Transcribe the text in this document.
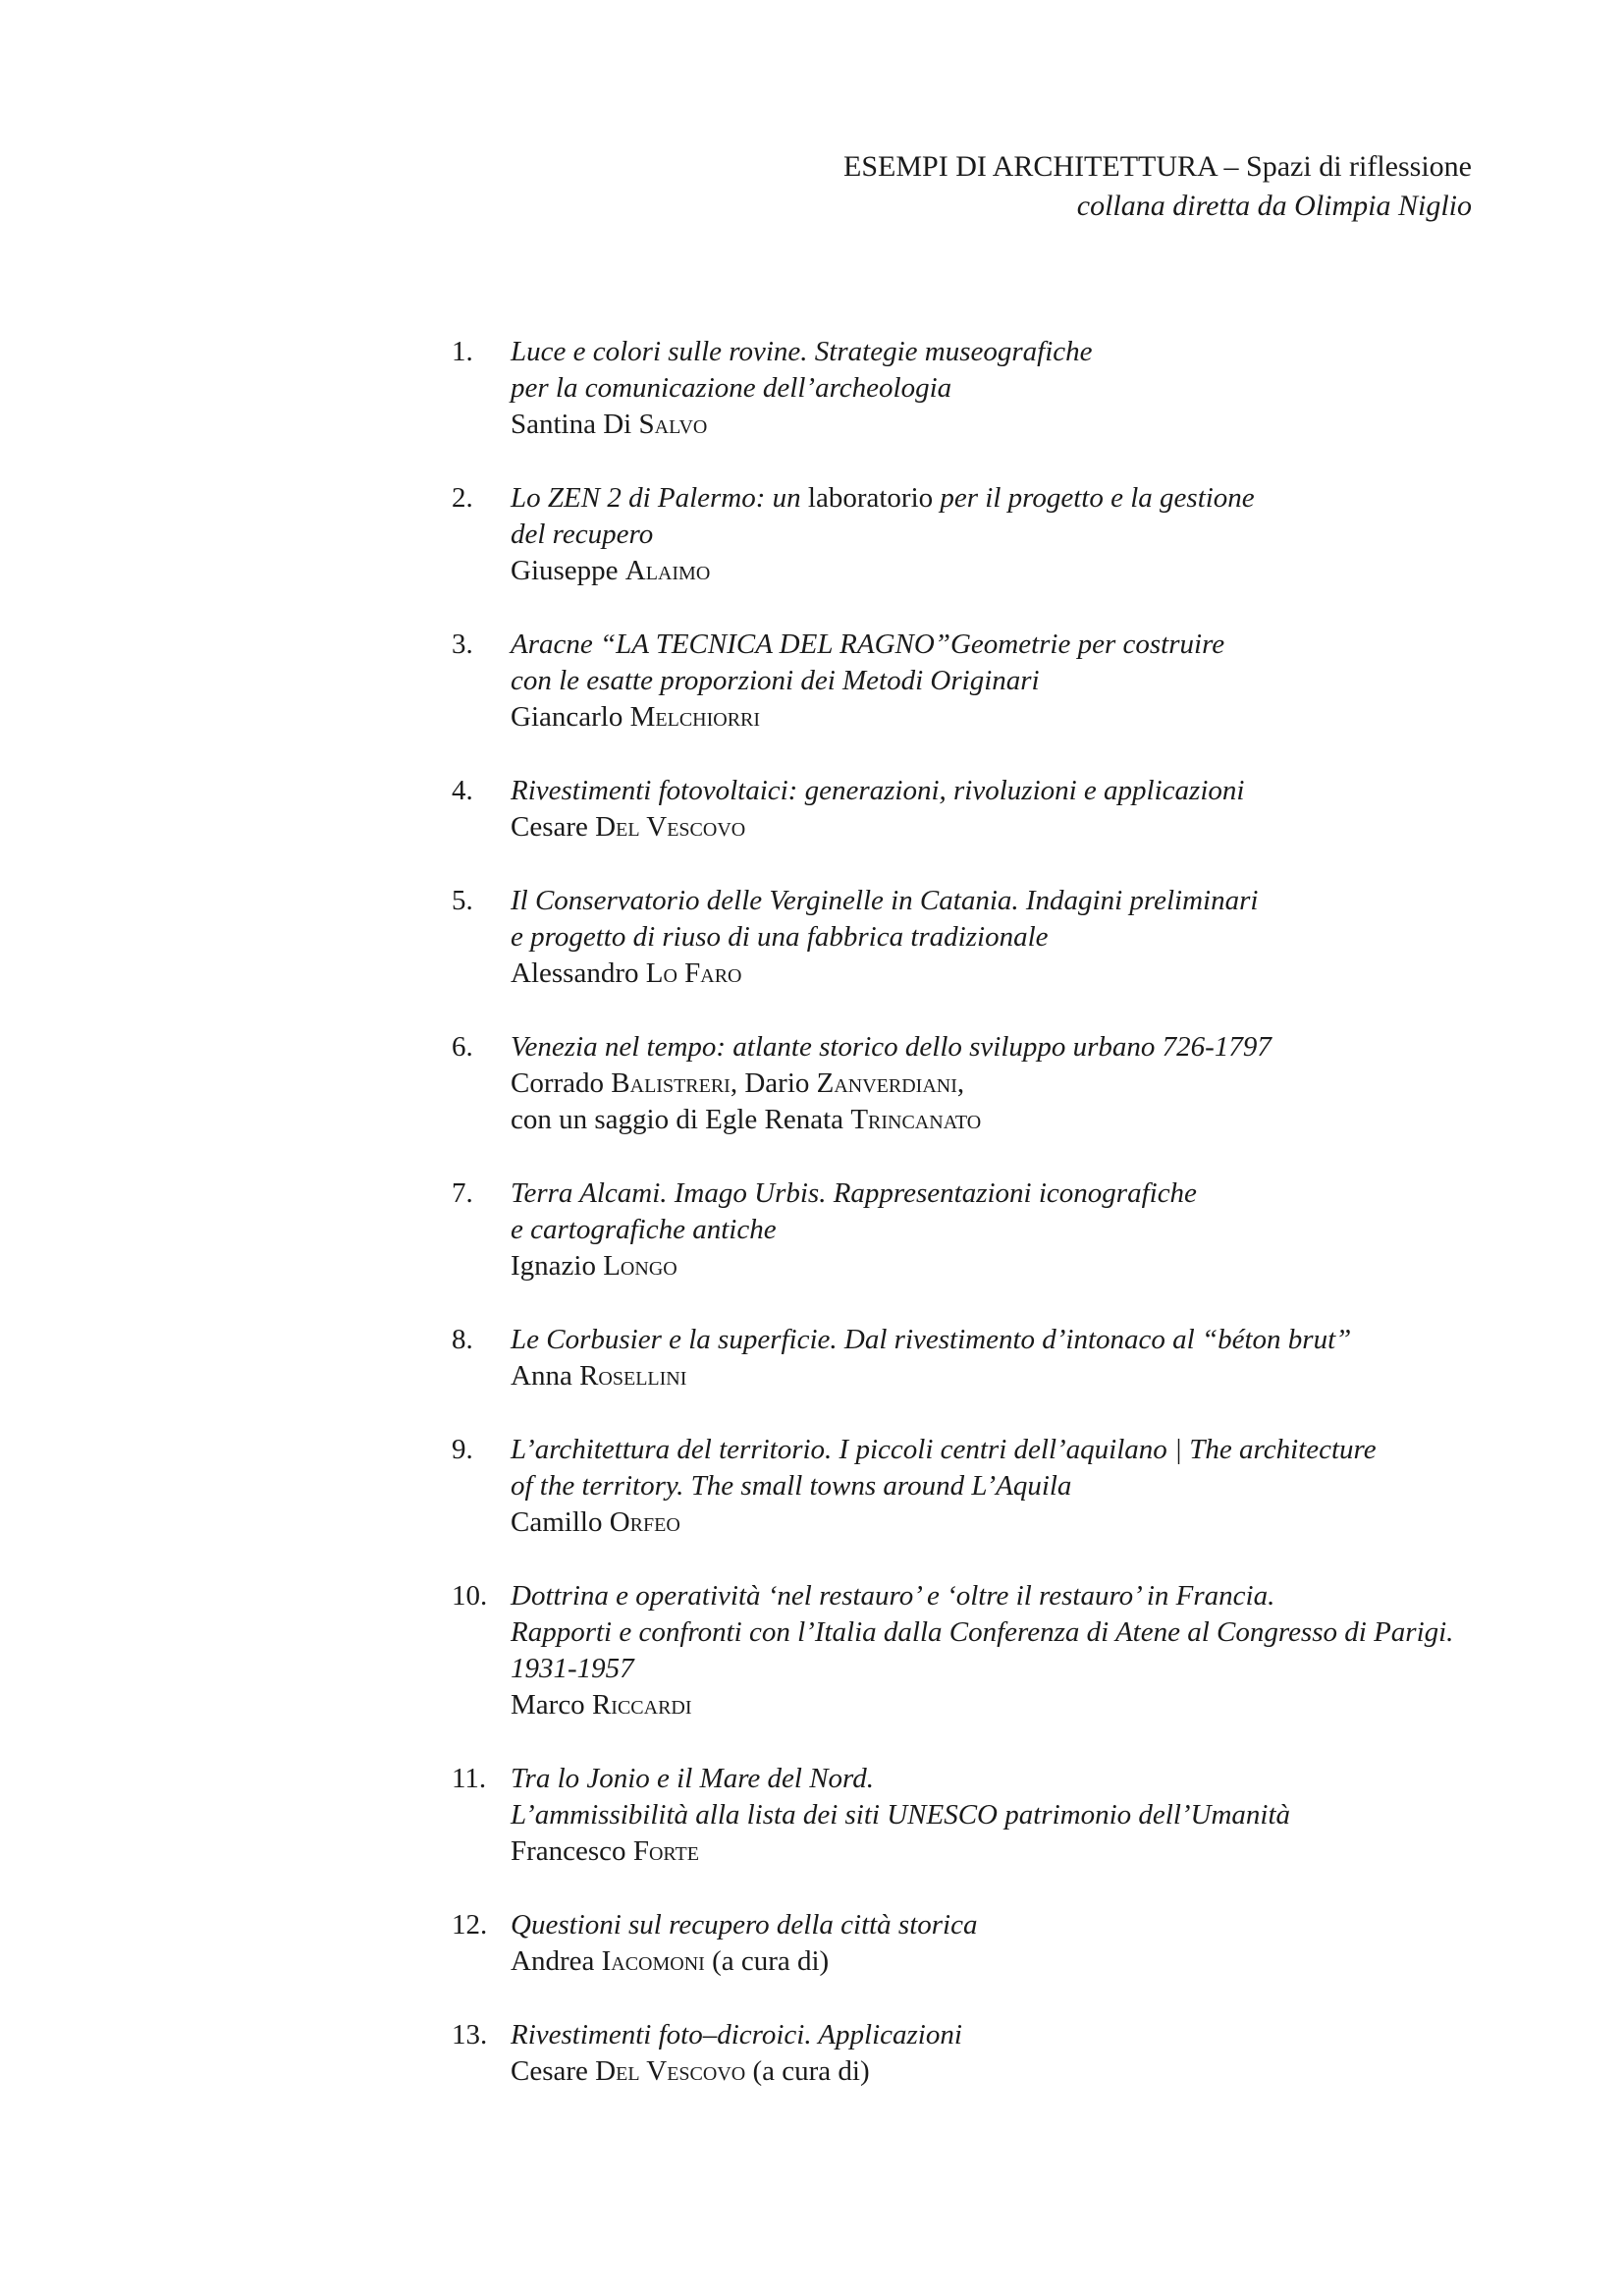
ESEMPI DI ARCHITETTURA – Spazi di riflessione
collana diretta da Olimpia Niglio
1.	Luce e colori sulle rovine. Strategie museografiche
per la comunicazione dell’archeologia
Santina Di Salvo
2.	Lo ZEN 2 di Palermo: un laboratorio per il progetto e la gestione
del recupero
Giuseppe Alaimo
3.	Aracne “LA TECNICA DEL RAGNO”Geometrie per costruire
con le esatte proporzioni dei Metodi Originari
Giancarlo Melchiorri
4.	Rivestimenti fotovoltaici: generazioni, rivoluzioni e applicazioni
Cesare Del Vescovo
5.	Il Conservatorio delle Verginelle in Catania. Indagini preliminari
e progetto di riuso di una fabbrica tradizionale
Alessandro Lo Faro
6.	Venezia nel tempo: atlante storico dello sviluppo urbano 726-1797
Corrado Balistreri, Dario Zanverdiani,
con un saggio di Egle Renata Trincanato
7.	Terra Alcami. Imago Urbis. Rappresentazioni iconografiche
e cartografiche antiche
Ignazio Longo
8.	Le Corbusier e la superficie. Dal rivestimento d’intonaco al “béton brut”
Anna Rosellini
9.	L’architettura del territorio. I piccoli centri dell’aquilano | The architecture
of the territory. The small towns around L’Aquila
Camillo Orfeo
10. Dottrina e operatività ‘nel restauro’ e ‘oltre il restauro’ in Francia.
Rapporti e confronti con l’Italia dalla Conferenza di Atene al Congresso di Parigi.
1931-1957
Marco Riccardi
11. Tra lo Jonio e il Mare del Nord.
L’ammissibilità alla lista dei siti UNESCO patrimonio dell’Umanità
Francesco Forte
12. Questioni sul recupero della città storica
Andrea Iacomoni (a cura di)
13. Rivestimenti foto–dicroici. Applicazioni
Cesare Del Vescovo (a cura di)
